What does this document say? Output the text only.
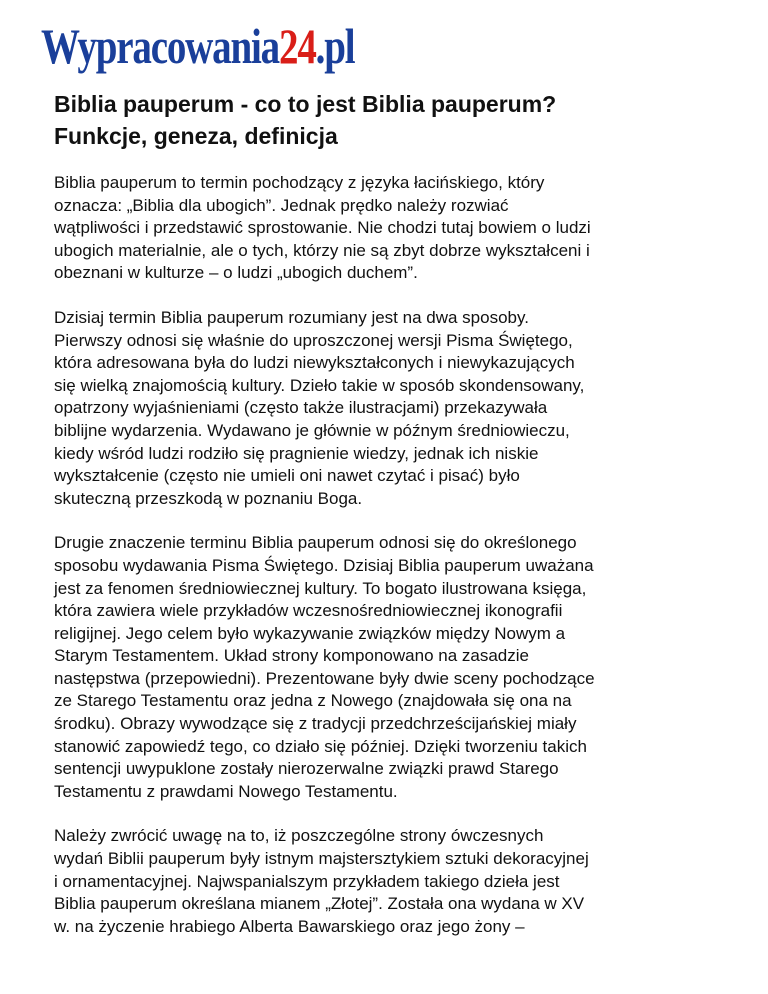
Wypracowania24.pl
Biblia pauperum - co to jest Biblia pauperum?
Funkcje, geneza, definicja

Biblia pauperum to termin pochodzący z języka łacińskiego, który
oznacza: „Biblia dla ubogich”. Jednak prędko należy rozwiać
wątpliwości i przedstawić sprostowanie. Nie chodzi tutaj bowiem o ludzi
ubogich materialnie, ale o tych, którzy nie są zbyt dobrze wykształceni i
obeznani w kulturze – o ludzi „ubogich duchem”.

Dzisiaj termin Biblia pauperum rozumiany jest na dwa sposoby.
Pierwszy odnosi się właśnie do uproszczonej wersji Pisma Świętego,
która adresowana była do ludzi niewykształconych i niewykazujących
się wielką znajomością kultury. Dzieło takie w sposób skondensowany,
opatrzony wyjaśnieniami (często także ilustracjami) przekazywała
biblijne wydarzenia. Wydawano je głównie w późnym średniowieczu,
kiedy wśród ludzi rodziło się pragnienie wiedzy, jednak ich niskie
wykształcenie (często nie umieli oni nawet czytać i pisać) było
skuteczną przeszkodą w poznaniu Boga.

Drugie znaczenie terminu Biblia pauperum odnosi się do określonego
sposobu wydawania Pisma Świętego. Dzisiaj Biblia pauperum uważana
jest za fenomen średniowiecznej kultury. To bogato ilustrowana księga,
która zawiera wiele przykładów wczesnośredniowiecznej ikonografii
religijnej. Jego celem było wykazywanie związków między Nowym a
Starym Testamentem. Układ strony komponowano na zasadzie
następstwa (przepowiedni). Prezentowane były dwie sceny pochodzące
ze Starego Testamentu oraz jedna z Nowego (znajdowała się ona na
środku). Obrazy wywodzące się z tradycji przedchrześcijańskiej miały
stanowić zapowiedź tego, co działo się później. Dzięki tworzeniu takich
sentencji uwypuklone zostały nierozerwalne związki prawd Starego
Testamentu z prawdami Nowego Testamentu.

Należy zwrócić uwagę na to, iż poszczególne strony ówczesnych
wydań Biblii pauperum były istnym majstersztykiem sztuki dekoracyjnej
i ornamentacyjnej. Najwspanialszym przykładem takiego dzieła jest
Biblia pauperum określana mianem „Złotej”. Została ona wydana w XV
w. na życzenie hrabiego Alberta Bawarskiego oraz jego żony –
